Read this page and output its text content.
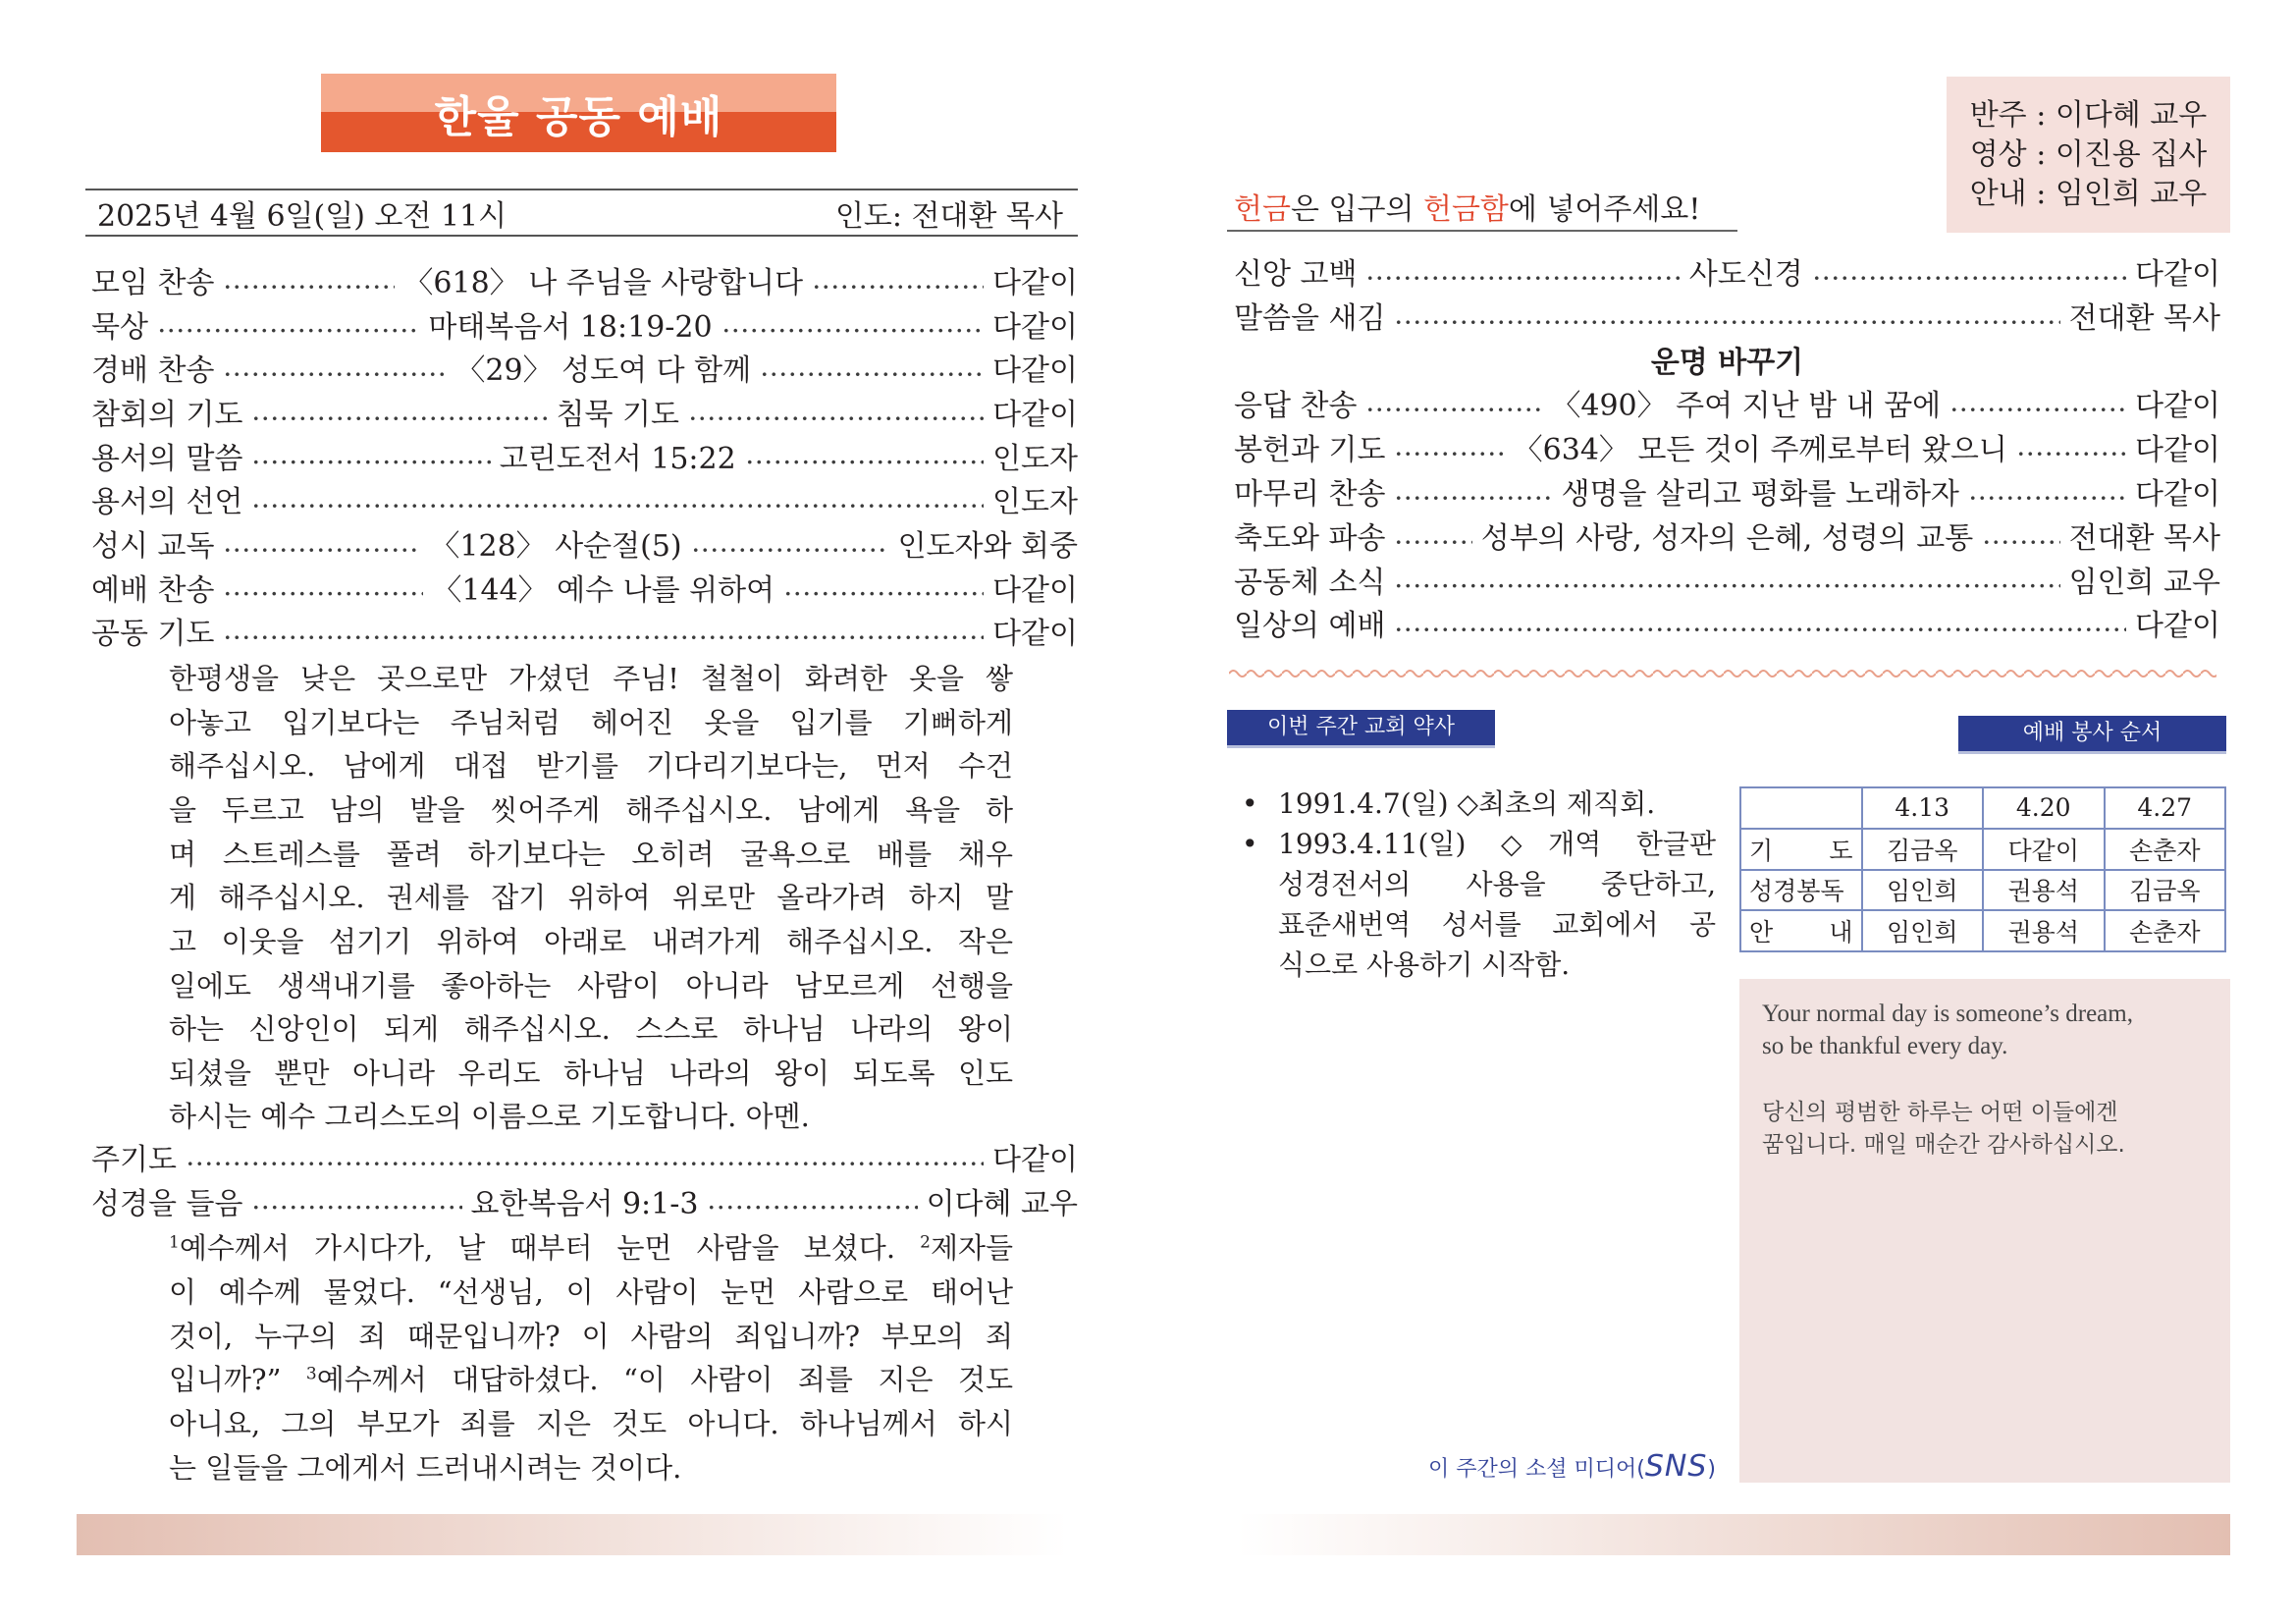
한울 공동 예배
2025년 4월 6일(일) 오전 11시	인도: 전대환 목사
모임 찬송	〈618〉 나 주님을 사랑합니다	다같이
묵상	마태복음서 18:19-20	다같이
경배 찬송	〈29〉 성도여 다 함께	다같이
참회의 기도	침묵 기도	다같이
용서의 말씀	고린도전서 15:22	인도자
용서의 선언	인도자
성시 교독	〈128〉 사순절(5)	인도자와 회중
예배 찬송	〈144〉 예수 나를 위하여	다같이
공동 기도	다같이
한평생을 낮은 곳으로만 가셨던 주님! 철철이 화려한 옷을 쌓
아놓고 입기보다는 주님처럼 헤어진 옷을 입기를 기뻐하게
해주십시오. 남에게 대접 받기를 기다리기보다는, 먼저 수건
을 두르고 남의 발을 씻어주게 해주십시오. 남에게 욕을 하
며 스트레스를 풀려 하기보다는 오히려 굴욕으로 배를 채우
게 해주십시오. 권세를 잡기 위하여 위로만 올라가려 하지 말
고 이웃을 섬기기 위하여 아래로 내려가게 해주십시오. 작은
일에도 생색내기를 좋아하는 사람이 아니라 남모르게 선행을
하는 신앙인이 되게 해주십시오. 스스로 하나님 나라의 왕이
되셨을 뿐만 아니라 우리도 하나님 나라의 왕이 되도록 인도
하시는 예수 그리스도의 이름으로 기도합니다. 아멘.
주기도	다같이
성경을 들음	요한복음서 9:1-3	이다혜 교우
$^1$예수께서 가시다가, 날 때부터 눈먼 사람을 보셨다. $^2$제자들
이 예수께 물었다. “선생님, 이 사람이 눈먼 사람으로 태어난
것이, 누구의 죄 때문입니까? 이 사람의 죄입니까? 부모의 죄
입니까?” $^3$예수께서 대답하셨다. “이 사람이 죄를 지은 것도
아니요, 그의 부모가 죄를 지은 것도 아니다. 하나님께서 하시
는 일들을 그에게서 드러내시려는 것이다.
반주 : 이다혜 교우
영상 : 이진용 집사
안내 : 임인희 교우
헌금은 입구의 헌금함에 넣어주세요!
신앙 고백	사도신경	다같이
말씀을 새김	전대환 목사
운명 바꾸기
응답 찬송	〈490〉 주여 지난 밤 내 꿈에	다같이
봉헌과 기도	〈634〉 모든 것이 주께로부터 왔으니	다같이
마무리 찬송	생명을 살리고 평화를 노래하자	다같이
축도와 파송	성부의 사랑, 성자의 은혜, 성령의 교통	전대환 목사
공동체 소식	임인희 교우
일상의 예배	다같이
이번 주간 교회 약사	예배 봉사 순서
• 1991.4.7(일) ◇최초의 제직회.
• 1993.4.11(일) ◇개역 한글판
성경전서의 사용을 중단하고,
표준새번역 성서를 교회에서 공
식으로 사용하기 시작함.
	4.13	4.20	4.27
기 도	김금옥	다같이	손춘자
성경봉독	임인희	권용석	김금옥
안 내	임인희	권용석	손춘자
Your normal day is someone’s dream,
so be thankful every day.
당신의 평범한 하루는 어떤 이들에겐
꿈입니다. 매일 매순간 감사하십시오.
이 주간의 소셜 미디어(SNS)
